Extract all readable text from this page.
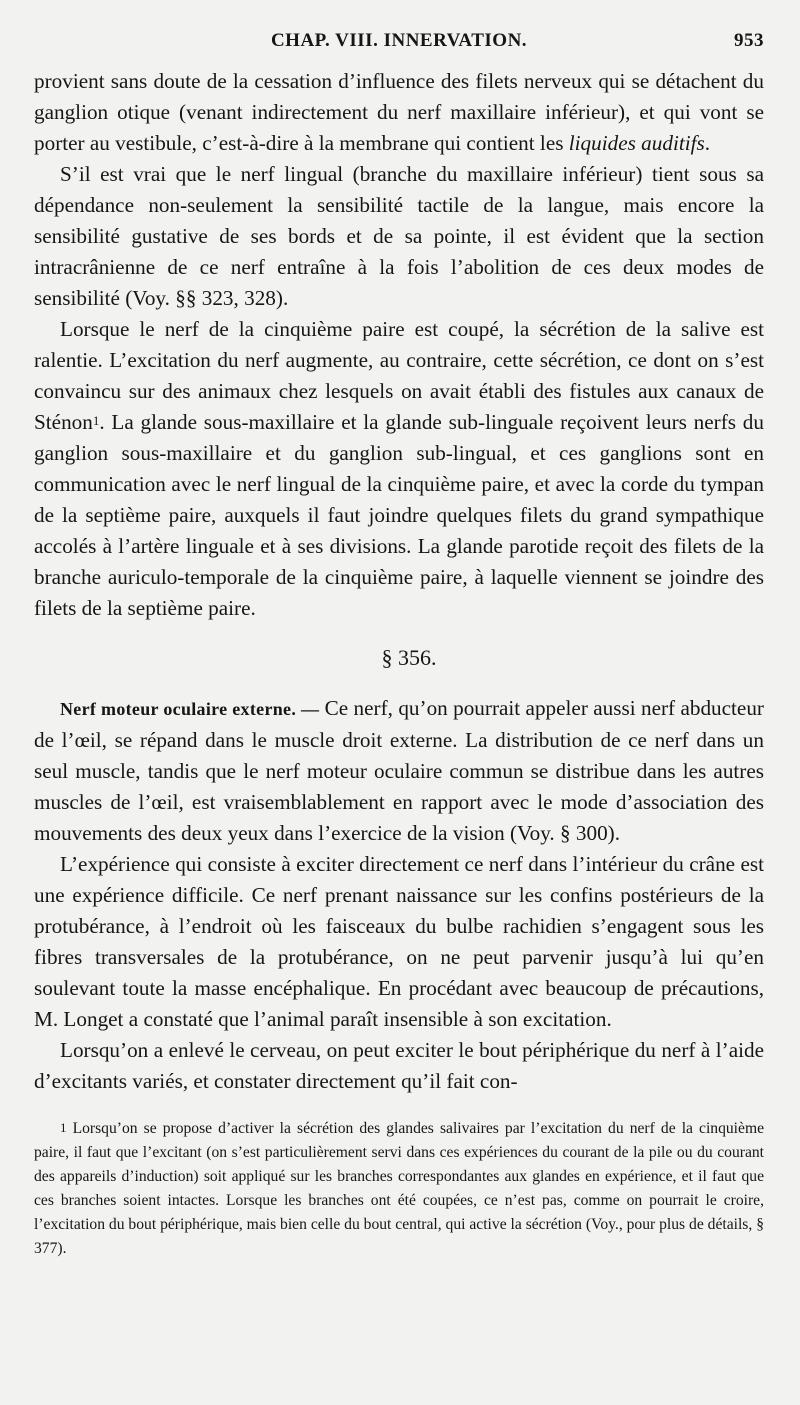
CHAP. VIII. INNERVATION.	953

provient sans doute de la cessation d’influence des filets nerveux qui se détachent du ganglion otique (venant indirectement du nerf maxillaire inférieur), et qui vont se porter au vestibule, c’est-à-dire à la membrane qui contient les liquides auditifs.

S’il est vrai que le nerf lingual (branche du maxillaire inférieur) tient sous sa dépendance non-seulement la sensibilité tactile de la langue, mais encore la sensibilité gustative de ses bords et de sa pointe, il est évident que la section intracrânienne de ce nerf entraîne à la fois l’abolition de ces deux modes de sensibilité (Voy. §§ 323, 328).

Lorsque le nerf de la cinquième paire est coupé, la sécrétion de la salive est ralentie. L’excitation du nerf augmente, au contraire, cette sécrétion, ce dont on s’est convaincu sur des animaux chez lesquels on avait établi des fistules aux canaux de Sténon$^1$. La glande sous-maxillaire et la glande sub-linguale reçoivent leurs nerfs du ganglion sous-maxillaire et du ganglion sub-lingual, et ces ganglions sont en communication avec le nerf lingual de la cinquième paire, et avec la corde du tympan de la septième paire, auxquels il faut joindre quelques filets du grand sympathique accolés à l’artère linguale et à ses divisions. La glande parotide reçoit des filets de la branche auriculo-temporale de la cinquième paire, à laquelle viennent se joindre des filets de la septième paire.

§ 356.

Nerf moteur oculaire externe. — Ce nerf, qu’on pourrait appeler aussi nerf abducteur de l’œil, se répand dans le muscle droit externe. La distribution de ce nerf dans un seul muscle, tandis que le nerf moteur oculaire commun se distribue dans les autres muscles de l’œil, est vraisemblablement en rapport avec le mode d’association des mouvements des deux yeux dans l’exercice de la vision (Voy. § 300).

L’expérience qui consiste à exciter directement ce nerf dans l’intérieur du crâne est une expérience difficile. Ce nerf prenant naissance sur les confins postérieurs de la protubérance, à l’endroit où les faisceaux du bulbe rachidien s’engagent sous les fibres transversales de la protubérance, on ne peut parvenir jusqu’à lui qu’en soulevant toute la masse encéphalique. En procédant avec beaucoup de précautions, M. Longet a constaté que l’animal paraît insensible à son excitation.

Lorsqu’on a enlevé le cerveau, on peut exciter le bout périphérique du nerf à l’aide d’excitants variés, et constater directement qu’il fait con-

$^1$ Lorsqu’on se propose d’activer la sécrétion des glandes salivaires par l’excitation du nerf de la cinquième paire, il faut que l’excitant (on s’est particulièrement servi dans ces expériences du courant de la pile ou du courant des appareils d’induction) soit appliqué sur les branches correspondantes aux glandes en expérience, et il faut que ces branches soient intactes. Lorsque les branches ont été coupées, ce n’est pas, comme on pourrait le croire, l’excitation du bout périphérique, mais bien celle du bout central, qui active la sécrétion (Voy., pour plus de détails, § 377).
